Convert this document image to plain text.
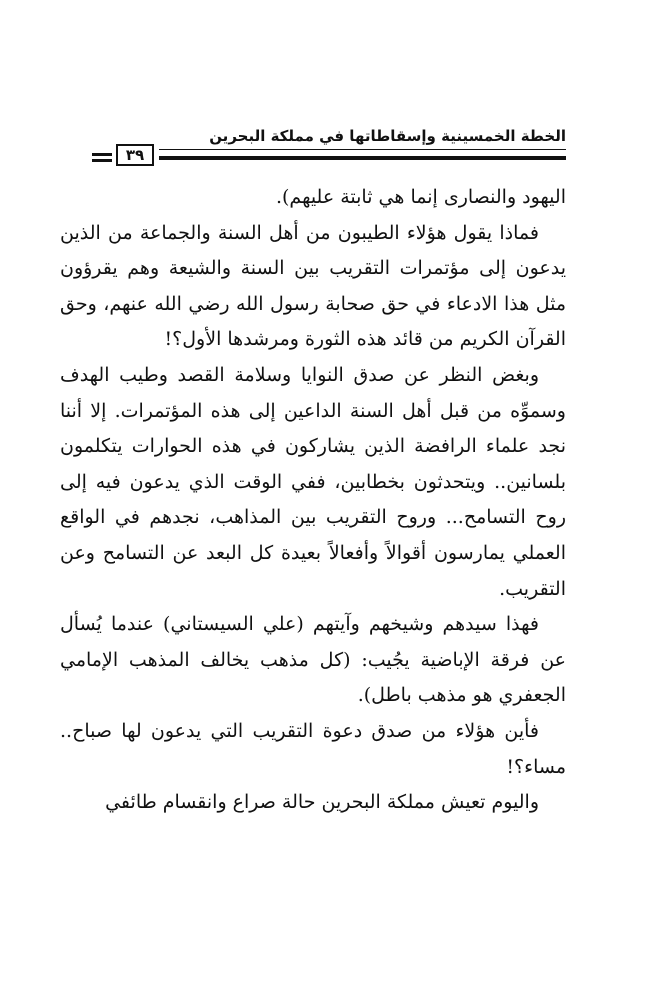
الخطة الخمسينية وإسقاطاتها في مملكة البحرين
٣٩

اليهود والنصارى إنما هي ثابتة عليهم).

فماذا يقول هؤلاء الطيبون من أهل السنة والجماعة من الذين يدعون إلى مؤتمرات التقريب بين السنة والشيعة وهم يقرؤون مثل هذا الادعاء في حق صحابة رسول الله رضي الله عنهم، وحق القرآن الكريم من قائد هذه الثورة ومرشدها الأول؟!

وبغض النظر عن صدق النوايا وسلامة القصد وطيب الهدف وسموِّه من قبل أهل السنة الداعين إلى هذه المؤتمرات. إلا أننا نجد علماء الرافضة الذين يشاركون في هذه الحوارات يتكلمون بلسانين.. ويتحدثون بخطابين، ففي الوقت الذي يدعون فيه إلى روح التسامح... وروح التقريب بين المذاهب، نجدهم في الواقع العملي يمارسون أقوالاً وأفعالاً بعيدة كل البعد عن التسامح وعن التقريب.

فهذا سيدهم وشيخهم وآيتهم (علي السيستاني) عندما يُسأل عن فرقة الإباضية يجُيب: (كل مذهب يخالف المذهب الإمامي الجعفري هو مذهب باطل).

فأين هؤلاء من صدق دعوة التقريب التي يدعون لها صباح.. مساء؟!

واليوم تعيش مملكة البحرين حالة صراع وانقسام طائفي
